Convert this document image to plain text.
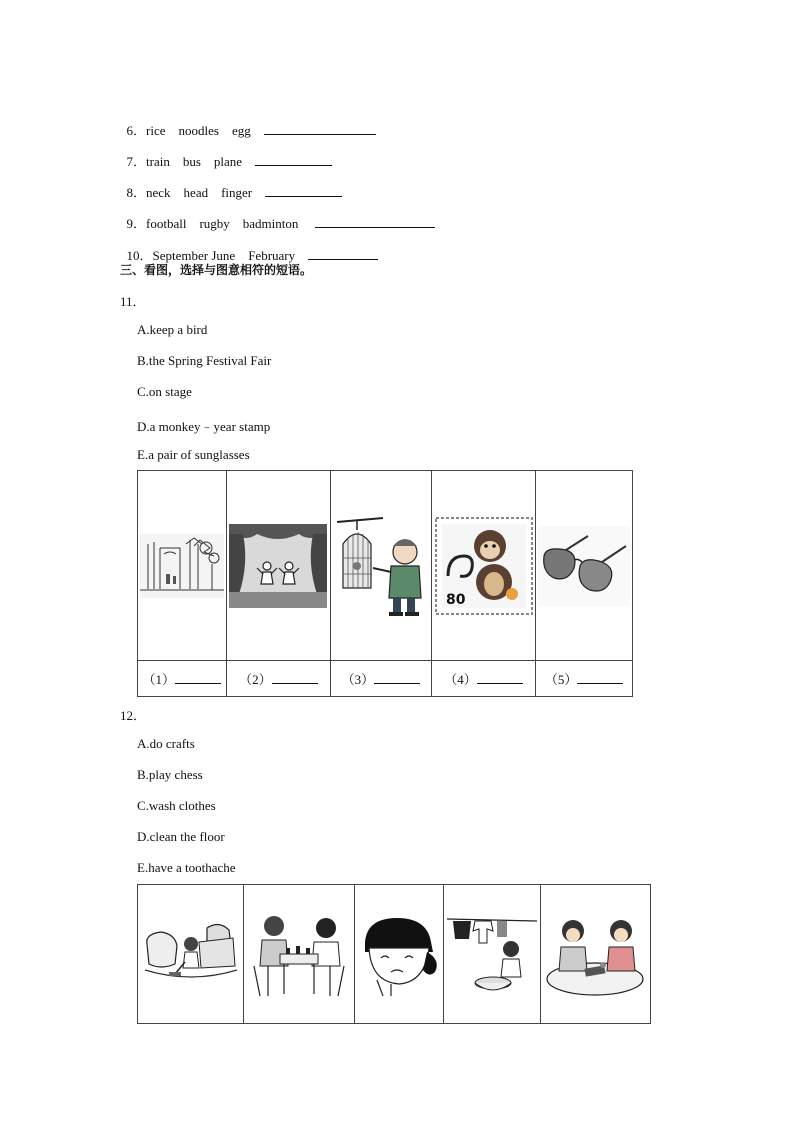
6．rice    noodles    egg

7．train    bus    plane

8．neck    head    finger

9．football    rugby    badminton

10．September June    February

三、看图，选择与图意相符的短语。
11．
A.keep a bird
B.the Spring Festival Fair
C.on stage
D.a monkey﹣year stamp
E.a pair of sunglasses

80

（1）	（2）	（3）	（4）	（5）
12．
A.do crafts
B.play chess
C.wash clothes
D.clean the floor
E.have a toothache
